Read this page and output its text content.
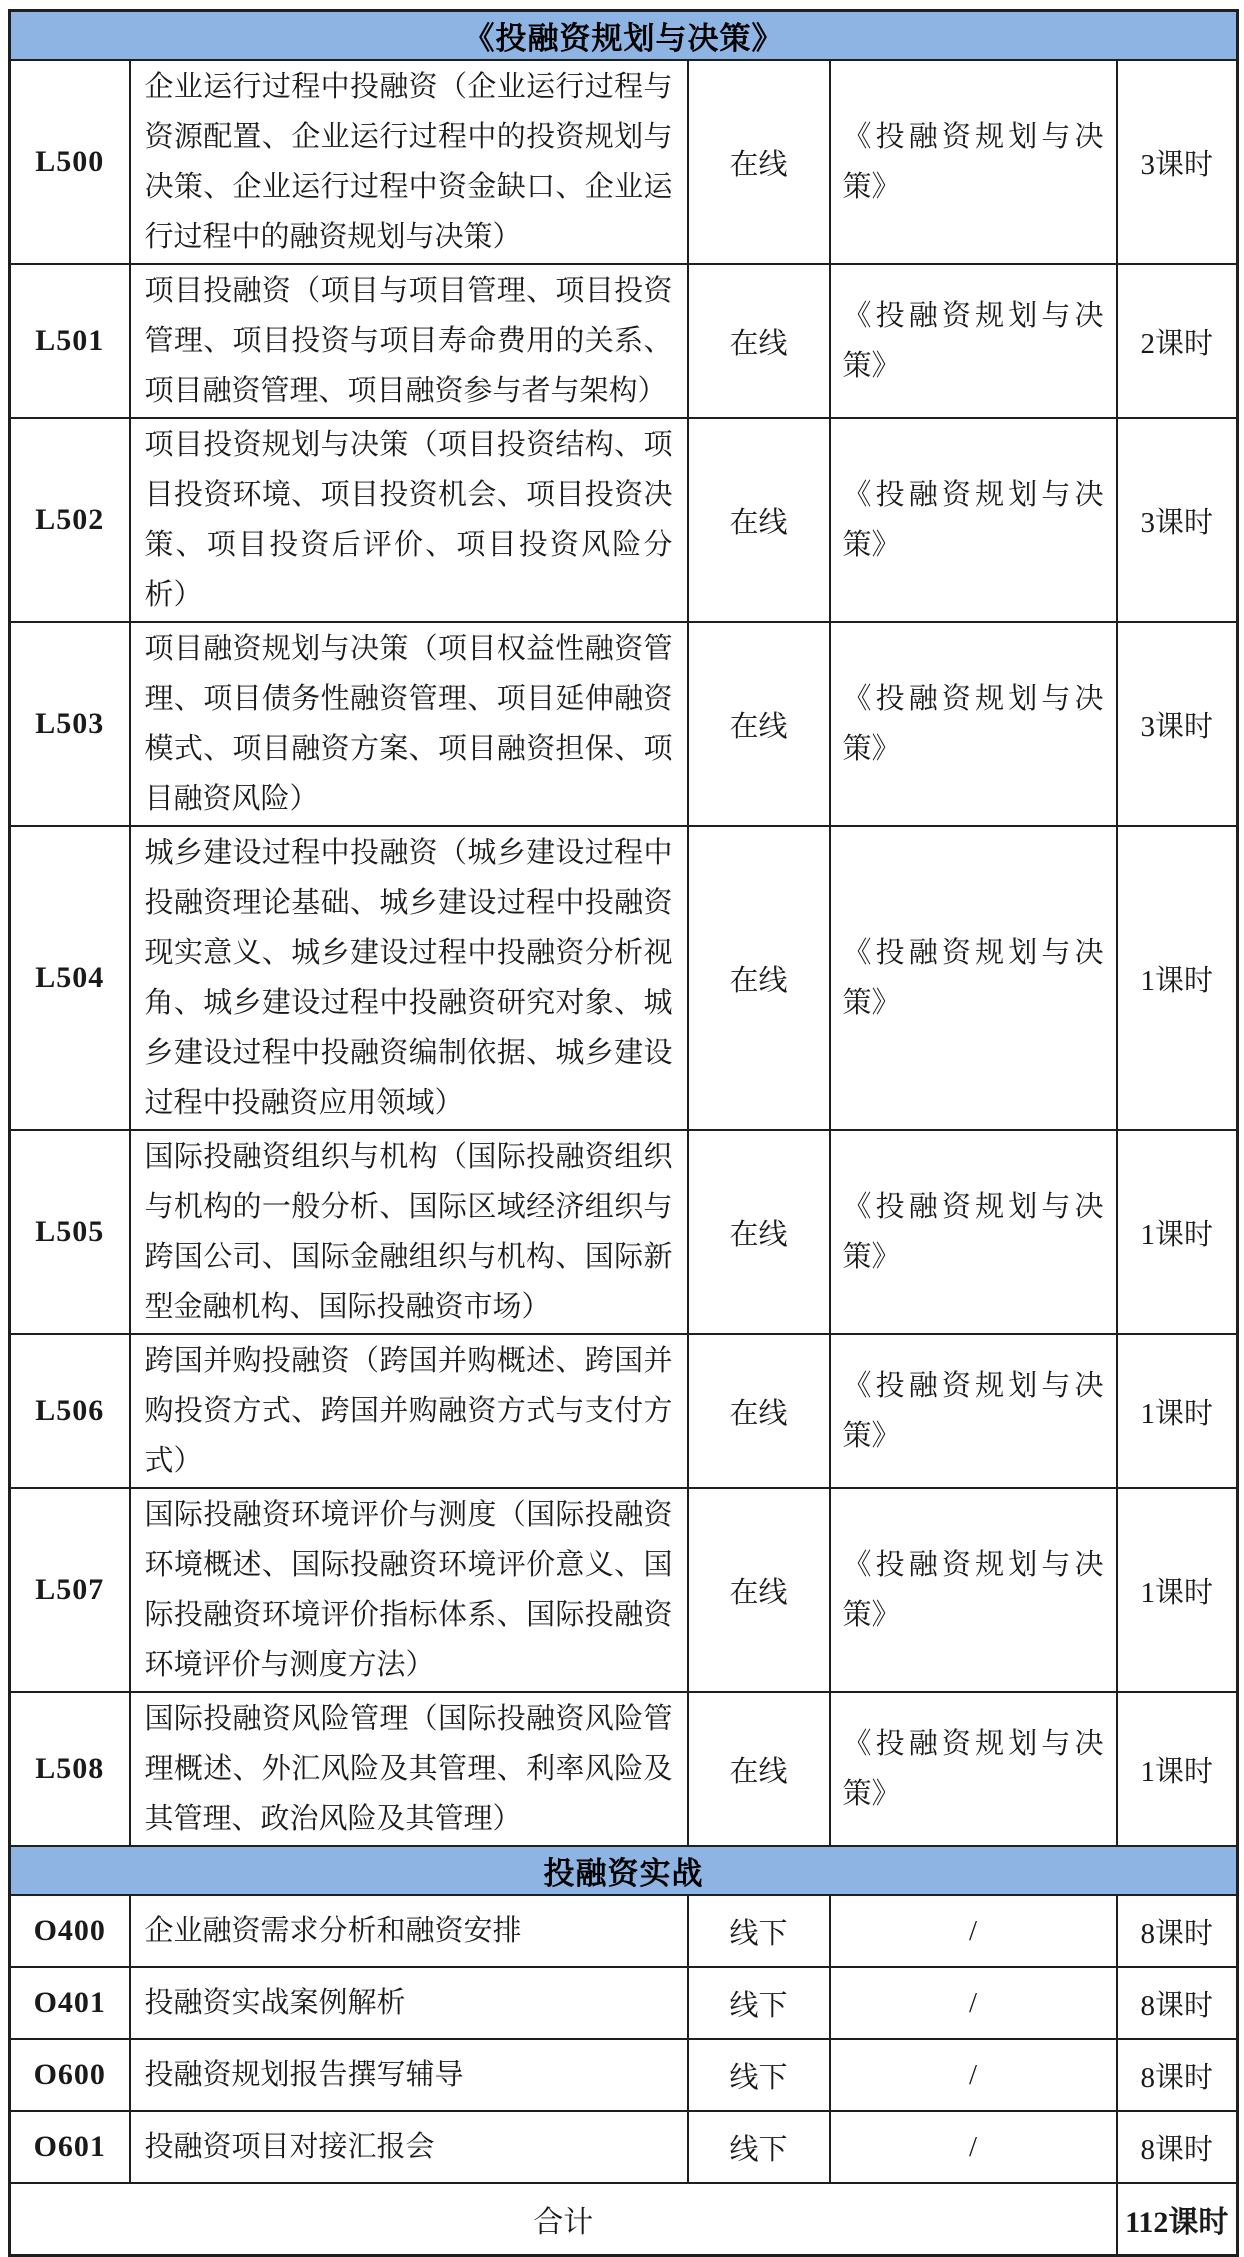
《投融资规划与决策》				
L500	企业运行过程中投融资（企业运行过程与资源配置、企业运行过程中的投资规划与决策、企业运行过程中资金缺口、企业运行过程中的融资规划与决策）	在线	《投融资规划与决策》	3课时
L501	项目投融资（项目与项目管理、项目投资管理、项目投资与项目寿命费用的关系、项目融资管理、项目融资参与者与架构）	在线	《投融资规划与决策》	2课时
L502	项目投资规划与决策（项目投资结构、项目投资环境、项目投资机会、项目投资决策、项目投资后评价、项目投资风险分析）	在线	《投融资规划与决策》	3课时
L503	项目融资规划与决策（项目权益性融资管理、项目债务性融资管理、项目延伸融资模式、项目融资方案、项目融资担保、项目融资风险）	在线	《投融资规划与决策》	3课时
L504	城乡建设过程中投融资（城乡建设过程中投融资理论基础、城乡建设过程中投融资现实意义、城乡建设过程中投融资分析视角、城乡建设过程中投融资研究对象、城乡建设过程中投融资编制依据、城乡建设过程中投融资应用领域）	在线	《投融资规划与决策》	1课时
L505	国际投融资组织与机构（国际投融资组织与机构的一般分析、国际区域经济组织与跨国公司、国际金融组织与机构、国际新型金融机构、国际投融资市场）	在线	《投融资规划与决策》	1课时
L506	跨国并购投融资（跨国并购概述、跨国并购投资方式、跨国并购融资方式与支付方式）	在线	《投融资规划与决策》	1课时
L507	国际投融资环境评价与测度（国际投融资环境概述、国际投融资环境评价意义、国际投融资环境评价指标体系、国际投融资环境评价与测度方法）	在线	《投融资规划与决策》	1课时
L508	国际投融资风险管理（国际投融资风险管理概述、外汇风险及其管理、利率风险及其管理、政治风险及其管理）	在线	《投融资规划与决策》	1课时
投融资实战				
O400	企业融资需求分析和融资安排	线下	/	8课时
O401	投融资实战案例解析	线下	/	8课时
O600	投融资规划报告撰写辅导	线下	/	8课时
O601	投融资项目对接汇报会	线下	/	8课时
合计				112课时
